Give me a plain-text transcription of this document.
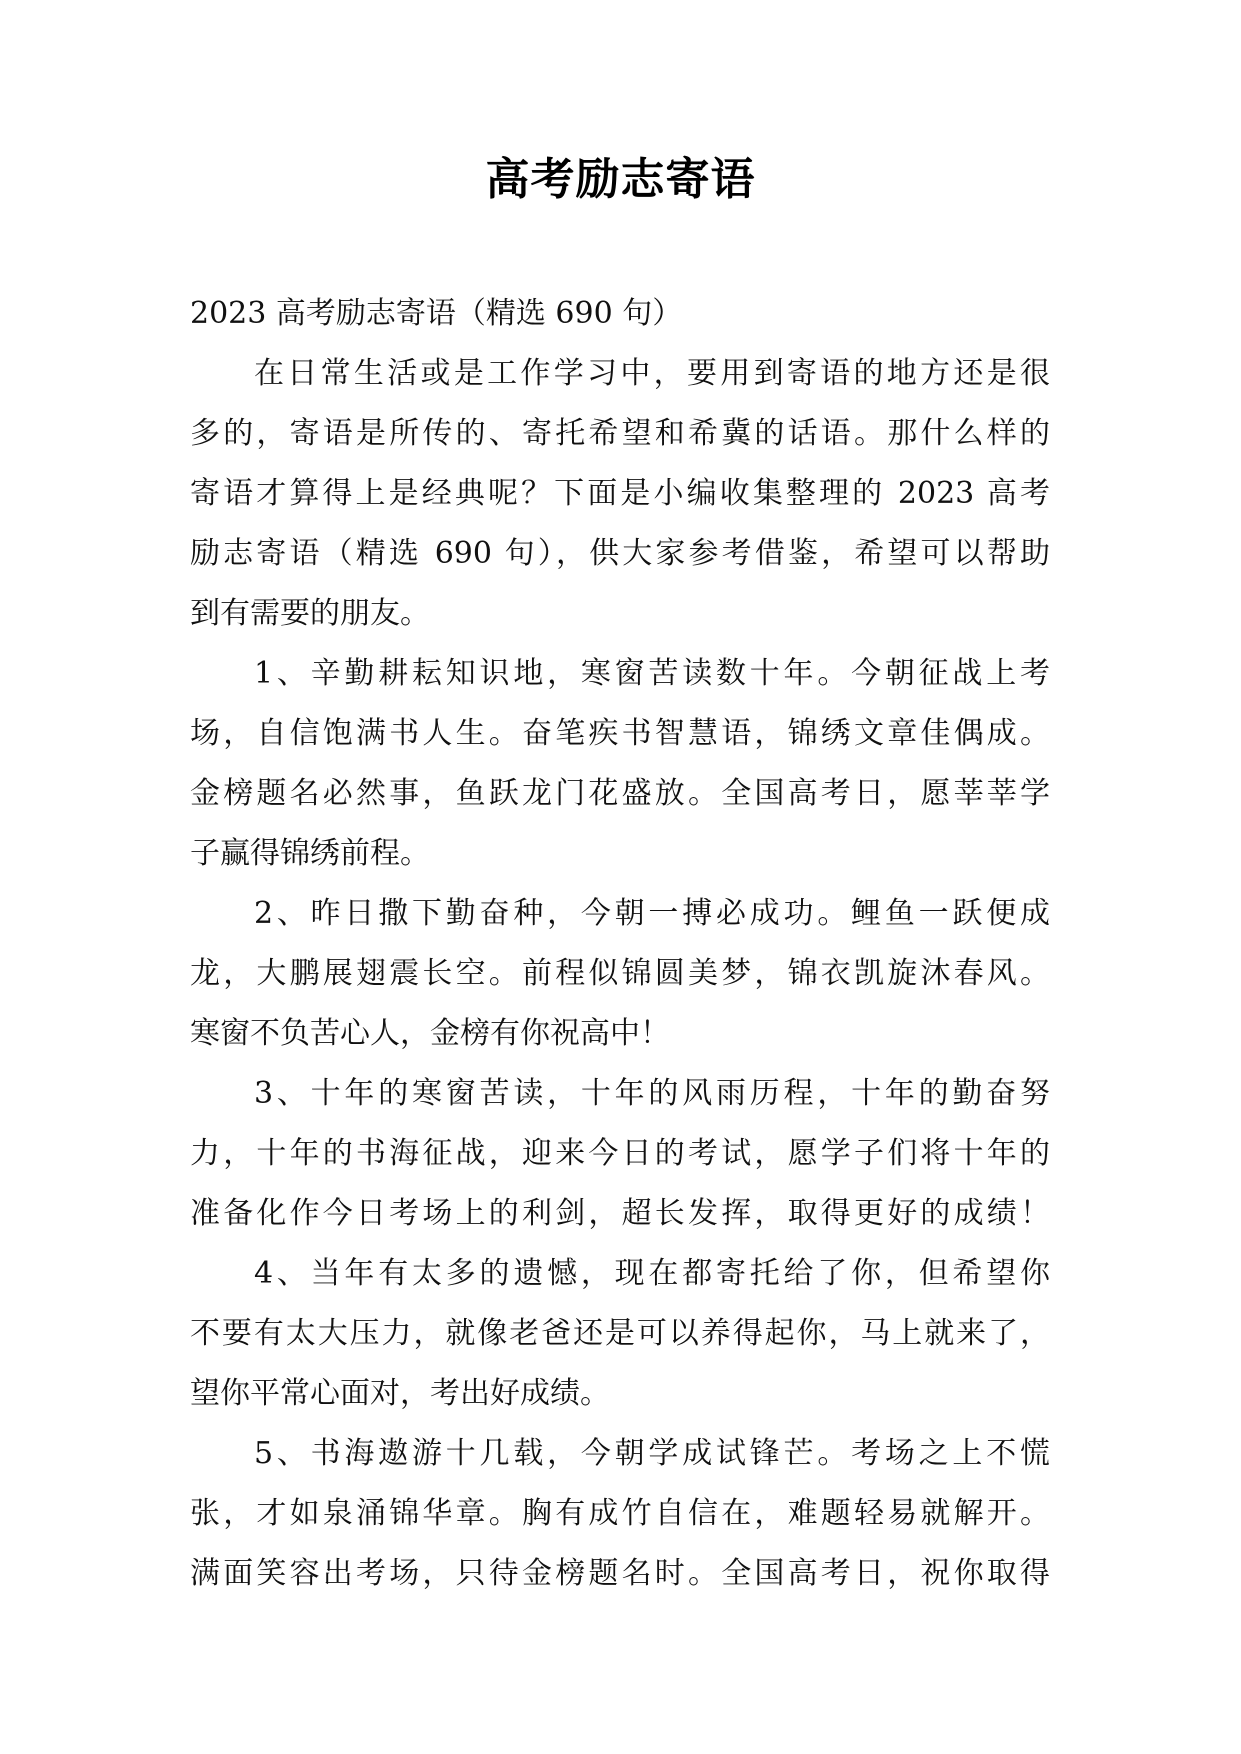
高考励志寄语
2023 高考励志寄语（精选 690 句）
在日常生活或是工作学习中，要用到寄语的地方还是很
多的，寄语是所传的、寄托希望和希冀的话语。那什么样的
寄语才算得上是经典呢？下面是小编收集整理的 2023 高考
励志寄语（精选 690 句），供大家参考借鉴，希望可以帮助
到有需要的朋友。
1、辛勤耕耘知识地，寒窗苦读数十年。今朝征战上考
场，自信饱满书人生。奋笔疾书智慧语，锦绣文章佳偶成。
金榜题名必然事，鱼跃龙门花盛放。全国高考日，愿莘莘学
子赢得锦绣前程。
2、昨日撒下勤奋种，今朝一搏必成功。鲤鱼一跃便成
龙，大鹏展翅震长空。前程似锦圆美梦，锦衣凯旋沐春风。
寒窗不负苦心人，金榜有你祝高中！
3、十年的寒窗苦读，十年的风雨历程，十年的勤奋努
力，十年的书海征战，迎来今日的考试，愿学子们将十年的
准备化作今日考场上的利剑，超长发挥，取得更好的成绩！
4、当年有太多的遗憾，现在都寄托给了你，但希望你
不要有太大压力，就像老爸还是可以养得起你，马上就来了，
望你平常心面对，考出好成绩。
5、书海遨游十几载，今朝学成试锋芒。考场之上不慌
张，才如泉涌锦华章。胸有成竹自信在，难题轻易就解开。
满面笑容出考场，只待金榜题名时。全国高考日，祝你取得
